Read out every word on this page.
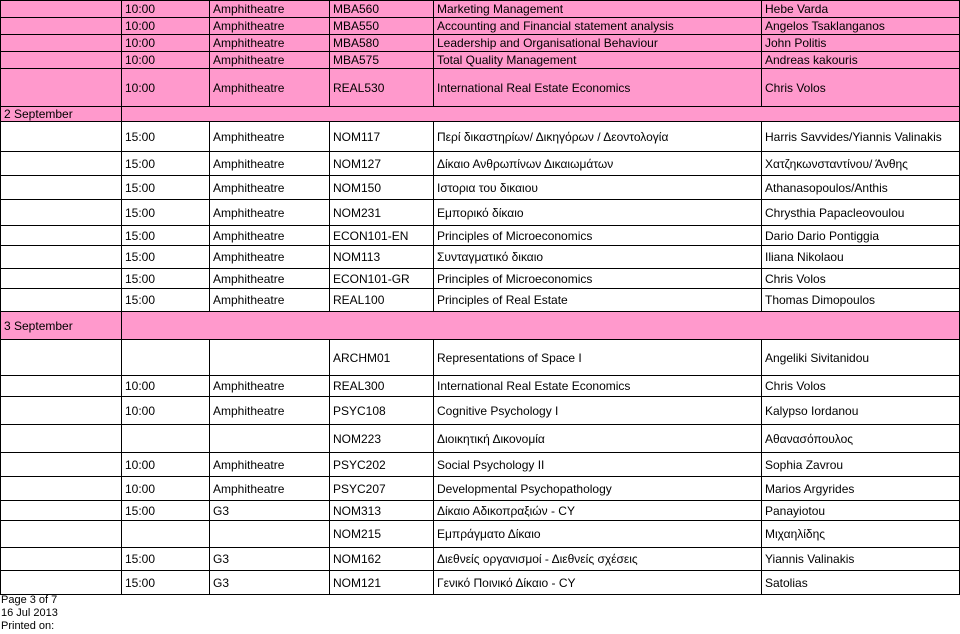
	10:00	Amphitheatre	MBA560	Marketing Management	Hebe Varda
	10:00	Amphitheatre	MBA550	Accounting and Financial statement analysis	Angelos Tsaklanganos
	10:00	Amphitheatre	MBA580	Leadership and Organisational Behaviour	John Politis
	10:00	Amphitheatre	MBA575	Total Quality Management	Andreas kakouris
	10:00	Amphitheatre	REAL530	International Real Estate Economics	Chris Volos
2 September					
	15:00	Amphitheatre	NOM117	Περί δικαστηρίων/ Δικηγόρων / Δεοντολογία	Harris Savvides/Yiannis Valinakis
	15:00	Amphitheatre	NOM127	Δίκαιο Ανθρωπίνων Δικαιωμάτων	Χατζηκωνσταντίνου/ Άνθης
	15:00	Amphitheatre	NOM150	Ιστορια του δικαιου	Athanasopoulos/Anthis
	15:00	Amphitheatre	NOM231	Εμπορικό δίκαιο	Chrysthia Papacleovoulou
	15:00	Amphitheatre	ECON101-EN	Principles of Microeconomics	Dario Dario Pontiggia
	15:00	Amphitheatre	NOM113	Συνταγματικό δικαιο	Iliana Nikolaou
	15:00	Amphitheatre	ECON101-GR	Principles of Microeconomics	Chris Volos
	15:00	Amphitheatre	REAL100	Principles of Real Estate	Thomas Dimopoulos
3 September					
			ARCHM01	Representations of Space I	Angeliki Sivitanidou
	10:00	Amphitheatre	REAL300	International Real Estate Economics	Chris Volos
	10:00	Amphitheatre	PSYC108	Cognitive Psychology I	Kalypso Iordanou
			NOM223	Διοικητική Δικονομία	Αθανασόπουλος
	10:00	Amphitheatre	PSYC202	Social Psychology II	Sophia Zavrou
	10:00	Amphitheatre	PSYC207	Developmental Psychopathology	Marios Argyrides
	15:00	G3	NOM313	Δίκαιο Αδικοπραξιών - CY	Panayiotou
			NOM215	Εμπράγματο Δίκαιο	Μιχαηλίδης
	15:00	G3	NOM162	Διεθνείς οργανισμοί - Διεθνείς σχέσεις	Yiannis Valinakis
	15:00	G3	NOM121	Γενικό Ποινικό Δίκαιο - CY	Satolias
Page 3 of 7
16 Jul 2013
Printed on:
